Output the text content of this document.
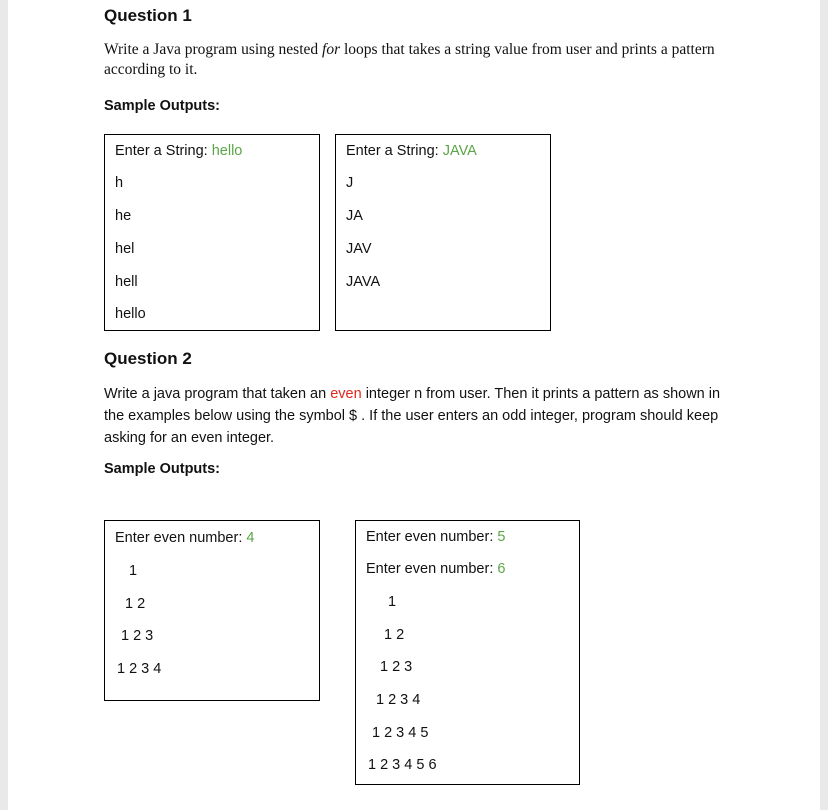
Question 1
Write a Java program using nested for loops that takes a string value from user and prints a pattern according to it.
Sample Outputs:
Enter a String: hello
h
he
hel
hell
hello
Enter a String: JAVA
J
JA
JAV
JAVA
Question 2
Write a java program that taken an even integer n from user. Then it prints a pattern as shown in the examples below using the symbol $ . If the user enters an odd integer, program should keep asking for an even integer.
Sample Outputs:
Enter even number: 4
1
1 2
1 2 3
1 2 3 4
Enter even number: 5
Enter even number: 6
1
1 2
1 2 3
1 2 3 4
1 2 3 4 5
1 2 3 4 5 6
